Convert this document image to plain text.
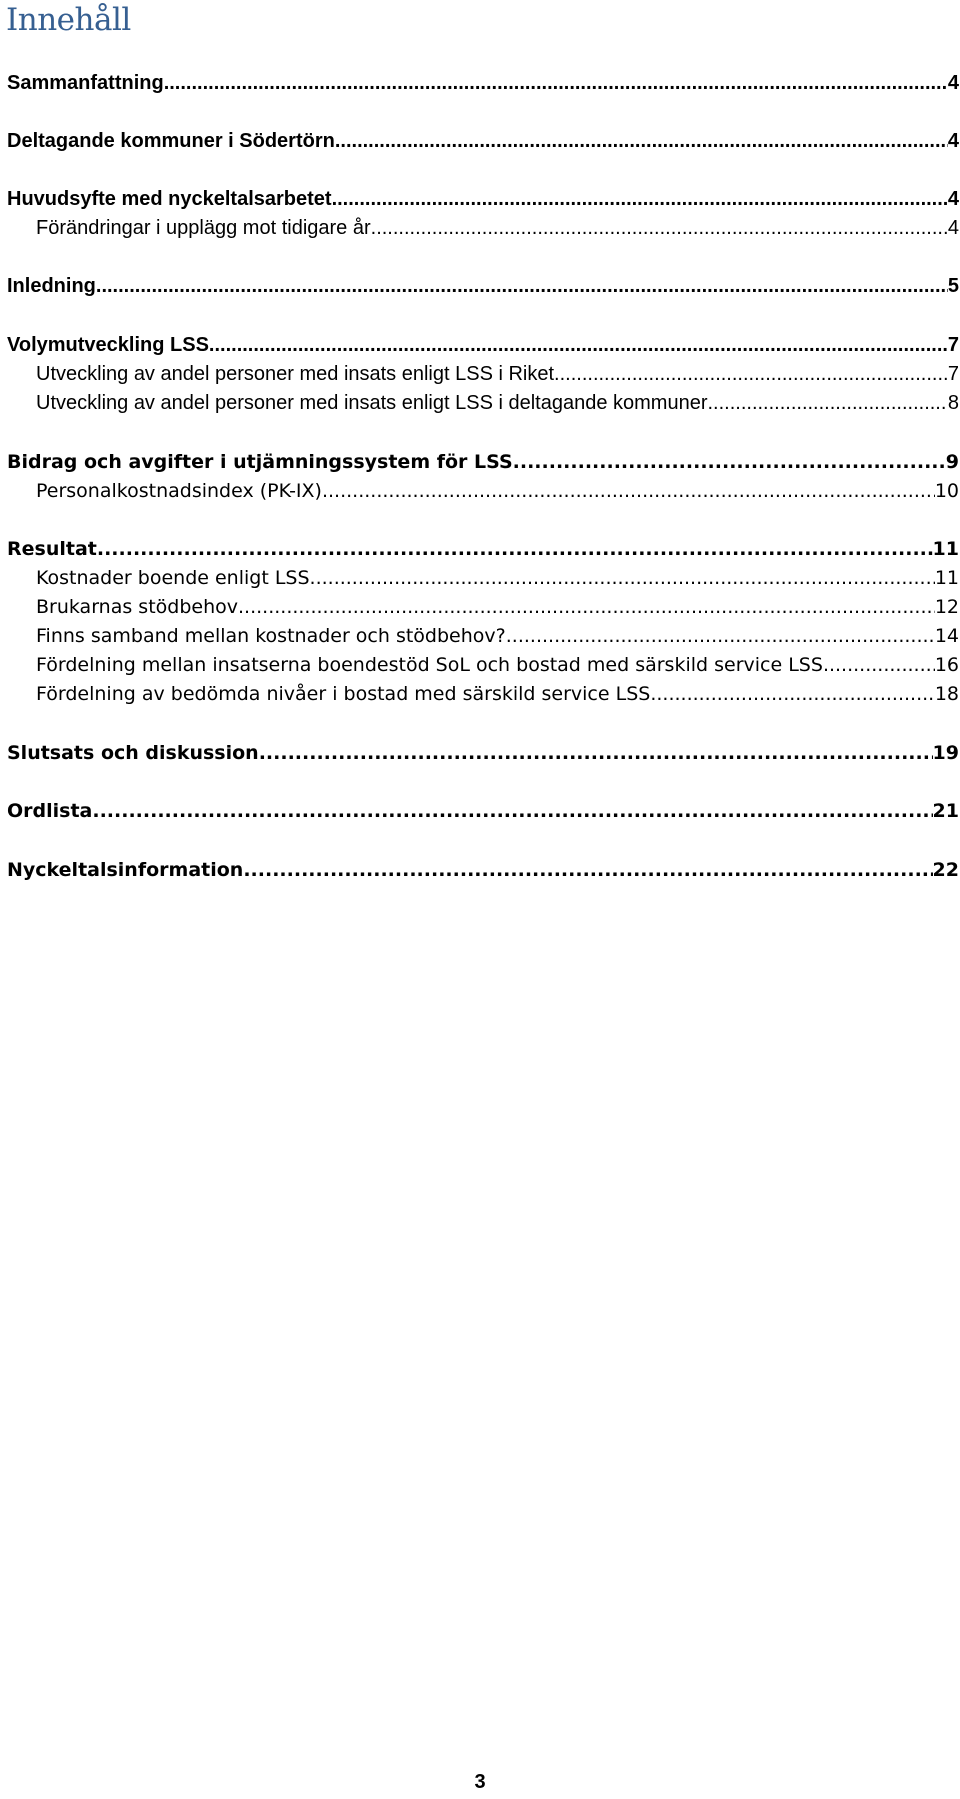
Innehåll
Sammanfattning .....	4
Deltagande kommuner i Södertörn .....	4
Huvudsyfte med nyckeltalsarbetet .....	4
Förändringar i upplägg mot tidigare år .....	4
Inledning .....	5
Volymutveckling LSS .....	7
Utveckling av andel personer med insats enligt LSS i Riket .....	7
Utveckling av andel personer med insats enligt LSS i deltagande kommuner .....	8
Bidrag och avgifter i utjämningssystem för LSS .....	9
Personalkostnadsindex (PK-IX) .....	10
Resultat .....	11
Kostnader boende enligt LSS .....	11
Brukarnas stödbehov .....	12
Finns samband mellan kostnader och stödbehov? .....	14
Fördelning mellan insatserna boendestöd SoL och bostad med särskild service LSS .....	16
Fördelning av bedömda nivåer i bostad med särskild service LSS .....	18
Slutsats och diskussion .....	19
Ordlista .....	21
Nyckeltalsinformation .....	22
3
